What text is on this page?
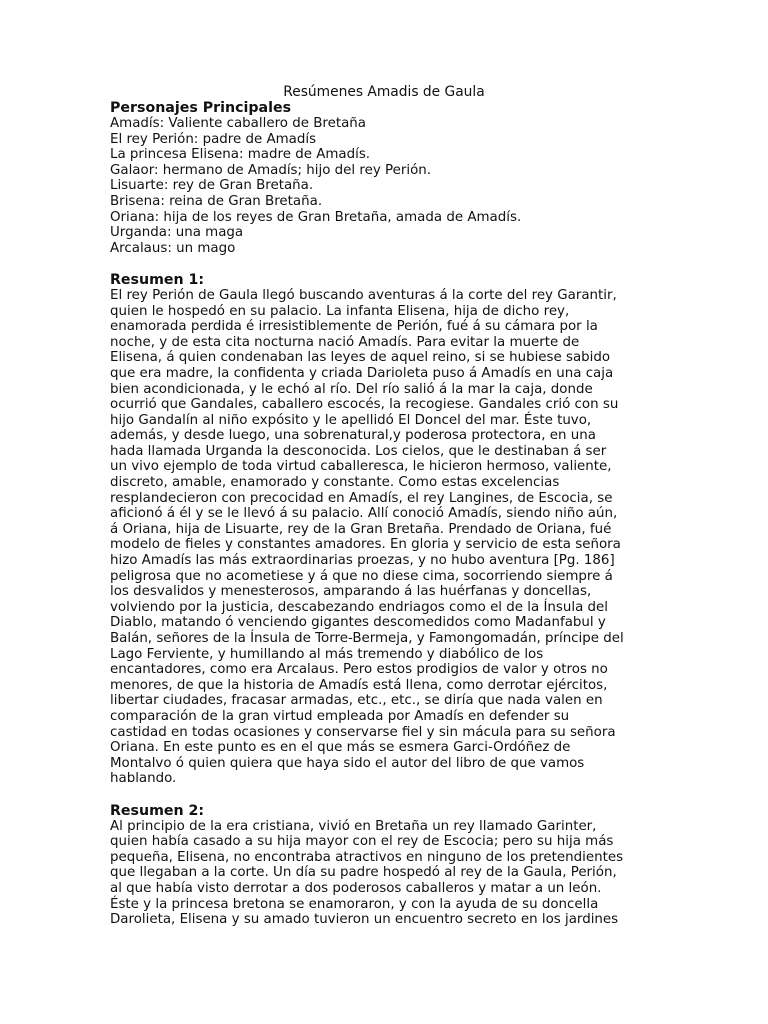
Resúmenes Amadis de Gaula
Personajes Principales
Amadís: Valiente caballero de Bretaña
El rey Perión: padre de Amadís
La princesa Elisena: madre de Amadís.
Galaor: hermano de Amadís; hijo del rey Perión.
Lisuarte: rey de Gran Bretaña.
Brisena: reina de Gran Bretaña.
Oriana: hija de los reyes de Gran Bretaña, amada de Amadís.
Urganda: una maga
Arcalaus: un mago
Resumen 1:
El rey Perión de Gaula llegó buscando aventuras á la corte del rey Garantir,
quien le hospedó en su palacio. La infanta Elisena, hija de dicho rey,
enamorada perdida é irresistiblemente de Perión, fué á su cámara por la
noche, y de esta cita nocturna nació Amadís. Para evitar la muerte de
Elisena, á quien condenaban las leyes de aquel reino, si se hubiese sabido
que era madre, la confidenta y criada Darioleta puso á Amadís en una caja
bien acondicionada, y le echó al río. Del río salió á la mar la caja, donde
ocurrió que Gandales, caballero escocés, la recogiese. Gandales crió con su
hijo Gandalín al niño expósito y le apellidó El Doncel del mar. Éste tuvo,
además, y desde luego, una sobrenatural,y poderosa protectora, en una
hada llamada Urganda la desconocida. Los cielos, que le destinaban á ser
un vivo ejemplo de toda virtud caballeresca, le hicieron hermoso, valiente,
discreto, amable, enamorado y constante. Como estas excelencias
resplandecieron con precocidad en Amadís, el rey Langines, de Escocia, se
aficionó á él y se le llevó á su palacio. Allí conoció Amadís, siendo niño aún,
á Oriana, hija de Lisuarte, rey de la Gran Bretaña. Prendado de Oriana, fué
modelo de fieles y constantes amadores. En gloria y servicio de esta señora
hizo Amadís las más extraordinarias proezas, y no hubo aventura [Pg. 186]
peligrosa que no acometiese y á que no diese cima, socorriendo siempre á
los desvalidos y menesterosos, amparando á las huérfanas y doncellas,
volviendo por la justicia, descabezando endriagos como el de la Ínsula del
Diablo, matando ó venciendo gigantes descomedidos como Madanfabul y
Balán, señores de la Ínsula de Torre-Bermeja, y Famongomadán, príncipe del
Lago Ferviente, y humillando al más tremendo y diabólico de los
encantadores, como era Arcalaus. Pero estos prodigios de valor y otros no
menores, de que la historia de Amadís está llena, como derrotar ejércitos,
libertar ciudades, fracasar armadas, etc., etc., se diría que nada valen en
comparación de la gran virtud empleada por Amadís en defender su
castidad en todas ocasiones y conservarse fiel y sin mácula para su señora
Oriana. En este punto es en el que más se esmera Garci-Ordóñez de
Montalvo ó quien quiera que haya sido el autor del libro de que vamos
hablando.
Resumen 2:
Al principio de la era cristiana, vivió en Bretaña un rey llamado Garinter,
quien había casado a su hija mayor con el rey de Escocia; pero su hija más
pequeña, Elisena, no encontraba atractivos en ninguno de los pretendientes
que llegaban a la corte. Un día su padre hospedó al rey de la Gaula, Perión,
al que había visto derrotar a dos poderosos caballeros y matar a un león.
Éste y la princesa bretona se enamoraron, y con la ayuda de su doncella
Darolieta, Elisena y su amado tuvieron un encuentro secreto en los jardines
